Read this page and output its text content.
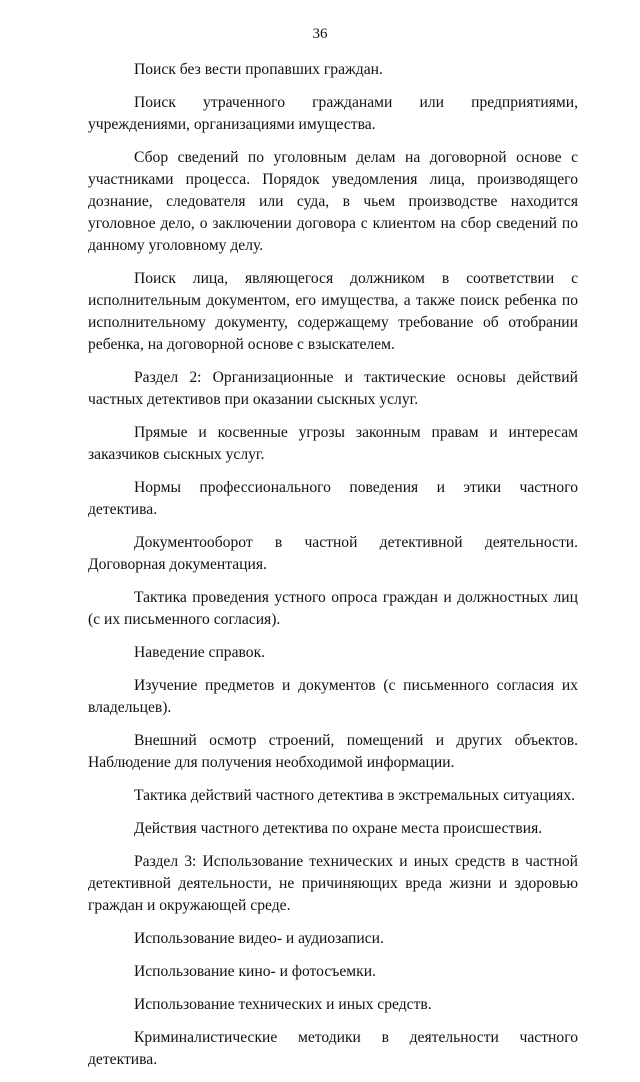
36

Поиск без вести пропавших граждан.

Поиск утраченного гражданами или предприятиями, учреждениями, организациями имущества.

Сбор сведений по уголовным делам на договорной основе с участниками процесса. Порядок уведомления лица, производящего дознание, следователя или суда, в чьем производстве находится уголовное дело, о заключении договора с клиентом на сбор сведений по данному уголовному делу.

Поиск лица, являющегося должником в соответствии с исполнительным документом, его имущества, а также поиск ребенка по исполнительному документу, содержащему требование об отобрании ребенка, на договорной основе с взыскателем.

Раздел 2: Организационные и тактические основы действий частных детективов при оказании сыскных услуг.

Прямые и косвенные угрозы законным правам и интересам заказчиков сыскных услуг.

Нормы профессионального поведения и этики частного детектива.

Документооборот в частной детективной деятельности. Договорная документация.

Тактика проведения устного опроса граждан и должностных лиц (с их письменного согласия).

Наведение справок.

Изучение предметов и документов (с письменного согласия их владельцев).

Внешний осмотр строений, помещений и других объектов. Наблюдение для получения необходимой информации.

Тактика действий частного детектива в экстремальных ситуациях.

Действия частного детектива по охране места происшествия.

Раздел 3: Использование технических и иных средств в частной детективной деятельности, не причиняющих вреда жизни и здоровью граждан и окружающей среде.

Использование видео- и аудиозаписи.

Использование кино- и фотосъемки.

Использование технических и иных средств.

Криминалистические методики в деятельности частного детектива.
